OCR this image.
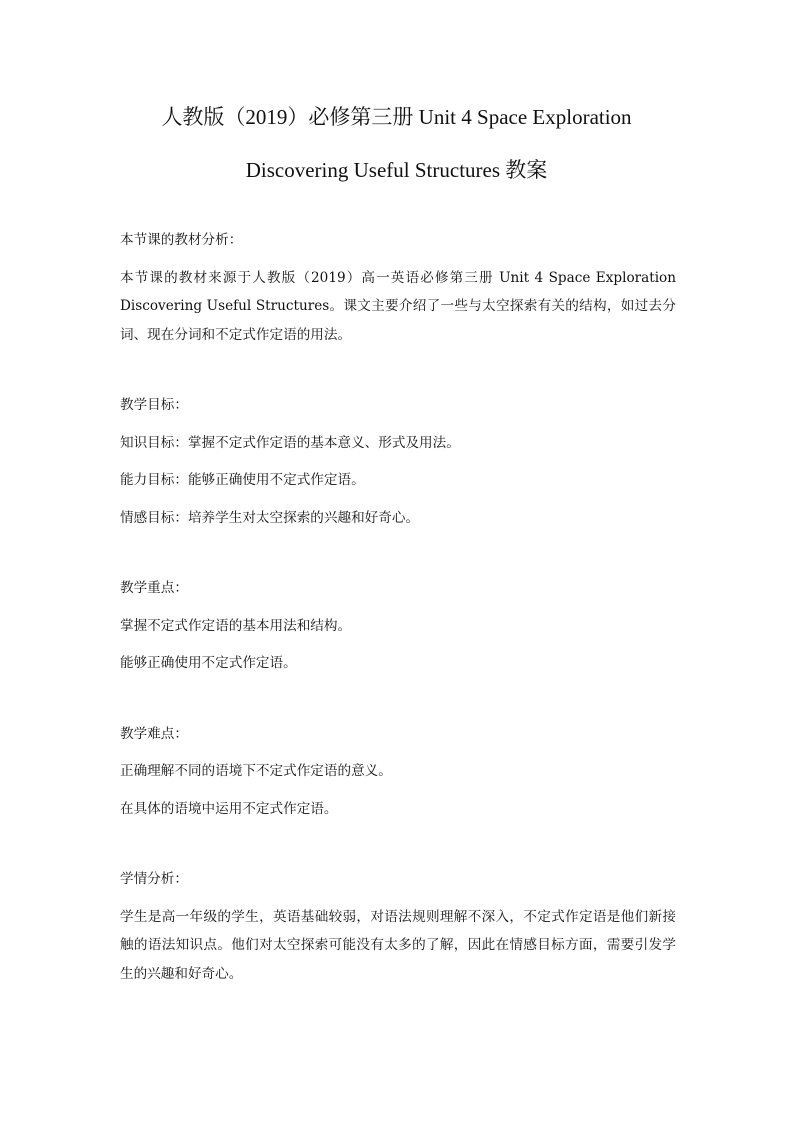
人教版（2019）必修第三册 Unit 4 Space Exploration
Discovering Useful Structures 教案

本节课的教材分析：

本节课的教材来源于人教版（2019）高一英语必修第三册 Unit 4 Space Exploration Discovering Useful Structures。课文主要介绍了一些与太空探索有关的结构，如过去分词、现在分词和不定式作定语的用法。

教学目标：

知识目标：掌握不定式作定语的基本意义、形式及用法。

能力目标：能够正确使用不定式作定语。

情感目标：培养学生对太空探索的兴趣和好奇心。

教学重点：

掌握不定式作定语的基本用法和结构。

能够正确使用不定式作定语。

教学难点：

正确理解不同的语境下不定式作定语的意义。

在具体的语境中运用不定式作定语。

学情分析：

学生是高一年级的学生，英语基础较弱，对语法规则理解不深入，不定式作定语是他们新接触的语法知识点。他们对太空探索可能没有太多的了解，因此在情感目标方面，需要引发学生的兴趣和好奇心。
